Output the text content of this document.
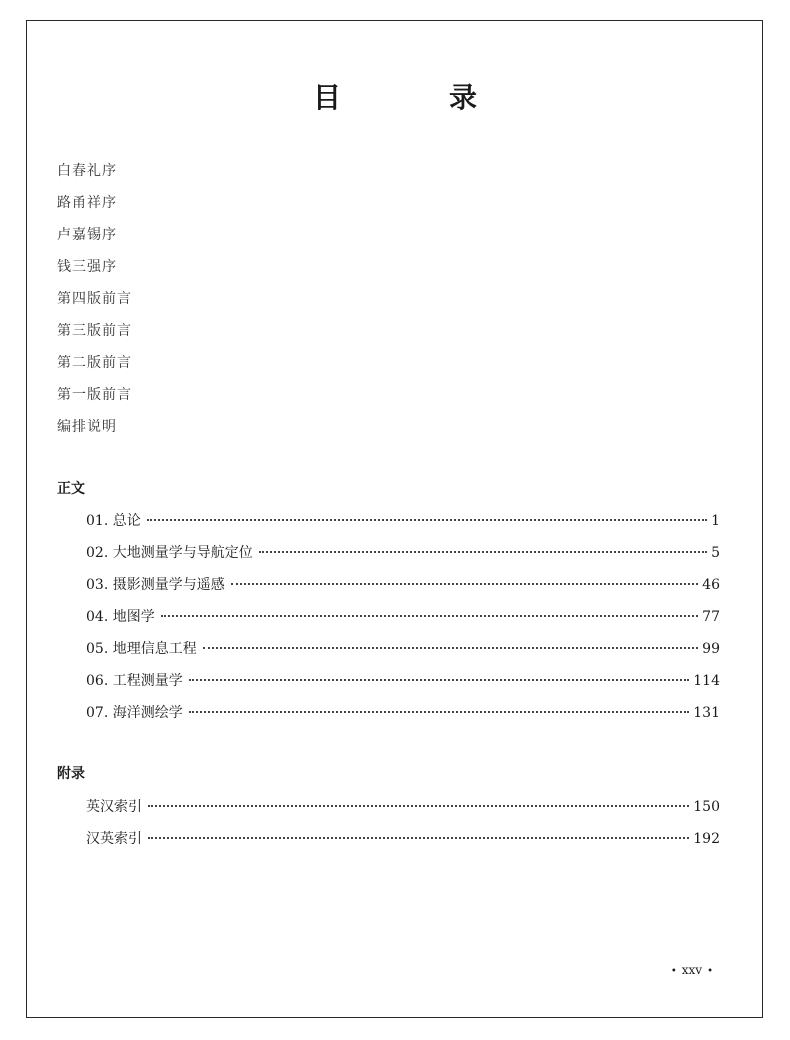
目　录
白春礼序
路甬祥序
卢嘉锡序
钱三强序
第四版前言
第三版前言
第二版前言
第一版前言
编排说明
正文
01. 总论	1
02. 大地测量学与导航定位	5
03. 摄影测量学与遥感	46
04. 地图学	77
05. 地理信息工程	99
06. 工程测量学	114
07. 海洋测绘学	131
附录
英汉索引	150
汉英索引	192
• xxv •
